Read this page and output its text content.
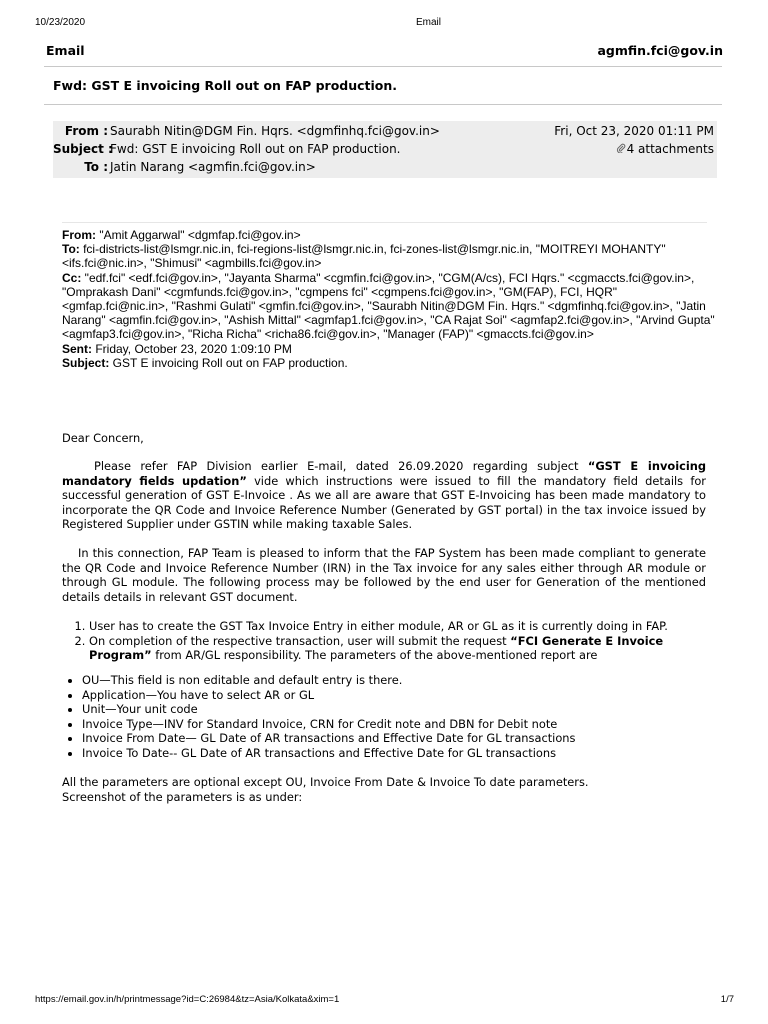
10/23/2020	Email
Email	agmfin.fci@gov.in
Fwd: GST E invoicing Roll out on FAP production.
From : Saurabh Nitin@DGM Fin. Hqrs. <dgmfinhq.fci@gov.in>	Fri, Oct 23, 2020 01:11 PM
Subject :Fwd: GST E invoicing Roll out on FAP production.	4 attachments
To : Jatin Narang <agmfin.fci@gov.in>
From: "Amit Aggarwal" <dgmfap.fci@gov.in>
To: fci-districts-list@lsmgr.nic.in, fci-regions-list@lsmgr.nic.in, fci-zones-list@lsmgr.nic.in, "MOITREYI MOHANTY" <ifs.fci@nic.in>, "Shimusi" <agmbills.fci@gov.in>
Cc: "edf.fci" <edf.fci@gov.in>, "Jayanta Sharma" <cgmfin.fci@gov.in>, "CGM(A/cs), FCI Hqrs." <cgmaccts.fci@gov.in>, "Omprakash Dani" <cgmfunds.fci@gov.in>, "cgmpens fci" <cgmpens.fci@gov.in>, "GM(FAP), FCI, HQR" <gmfap.fci@nic.in>, "Rashmi Gulati" <gmfin.fci@gov.in>, "Saurabh Nitin@DGM Fin. Hqrs." <dgmfinhq.fci@gov.in>, "Jatin Narang" <agmfin.fci@gov.in>, "Ashish Mittal" <agmfap1.fci@gov.in>, "CA Rajat Soi" <agmfap2.fci@gov.in>, "Arvind Gupta" <agmfap3.fci@gov.in>, "Richa Richa" <richa86.fci@gov.in>, "Manager (FAP)" <gmaccts.fci@gov.in>
Sent: Friday, October 23, 2020 1:09:10 PM
Subject: GST E invoicing Roll out on FAP production.
Dear Concern,
Please refer FAP Division earlier E-mail, dated 26.09.2020 regarding subject “GST E invoicing mandatory fields updation” vide which instructions were issued to fill the mandatory field details for successful generation of GST E-Invoice . As we all are aware that GST E-Invoicing has been made mandatory to incorporate the QR Code and Invoice Reference Number (Generated by GST portal) in the tax invoice issued by Registered Supplier under GSTIN while making taxable Sales.
In this connection, FAP Team is pleased to inform that the FAP System has been made compliant to generate the QR Code and Invoice Reference Number (IRN) in the Tax invoice for any sales either through AR module or through GL module. The following process may be followed by the end user for Generation of the mentioned details details in relevant GST document.
1. User has to create the GST Tax Invoice Entry in either module, AR or GL as it is currently doing in FAP.
2. On completion of the respective transaction, user will submit the request “FCI Generate E Invoice Program” from AR/GL responsibility. The parameters of the above-mentioned report are
• OU—This field is non editable and default entry is there.
• Application—You have to select AR or GL
• Unit—Your unit code
• Invoice Type—INV for Standard Invoice, CRN for Credit note and DBN for Debit note
• Invoice From Date— GL Date of AR transactions and Effective Date for GL transactions
• Invoice To Date-- GL Date of AR transactions and Effective Date for GL transactions
All the parameters are optional except OU, Invoice From Date & Invoice To date parameters.
Screenshot of the parameters is as under:
https://email.gov.in/h/printmessage?id=C:26984&tz=Asia/Kolkata&xim=1	1/7
